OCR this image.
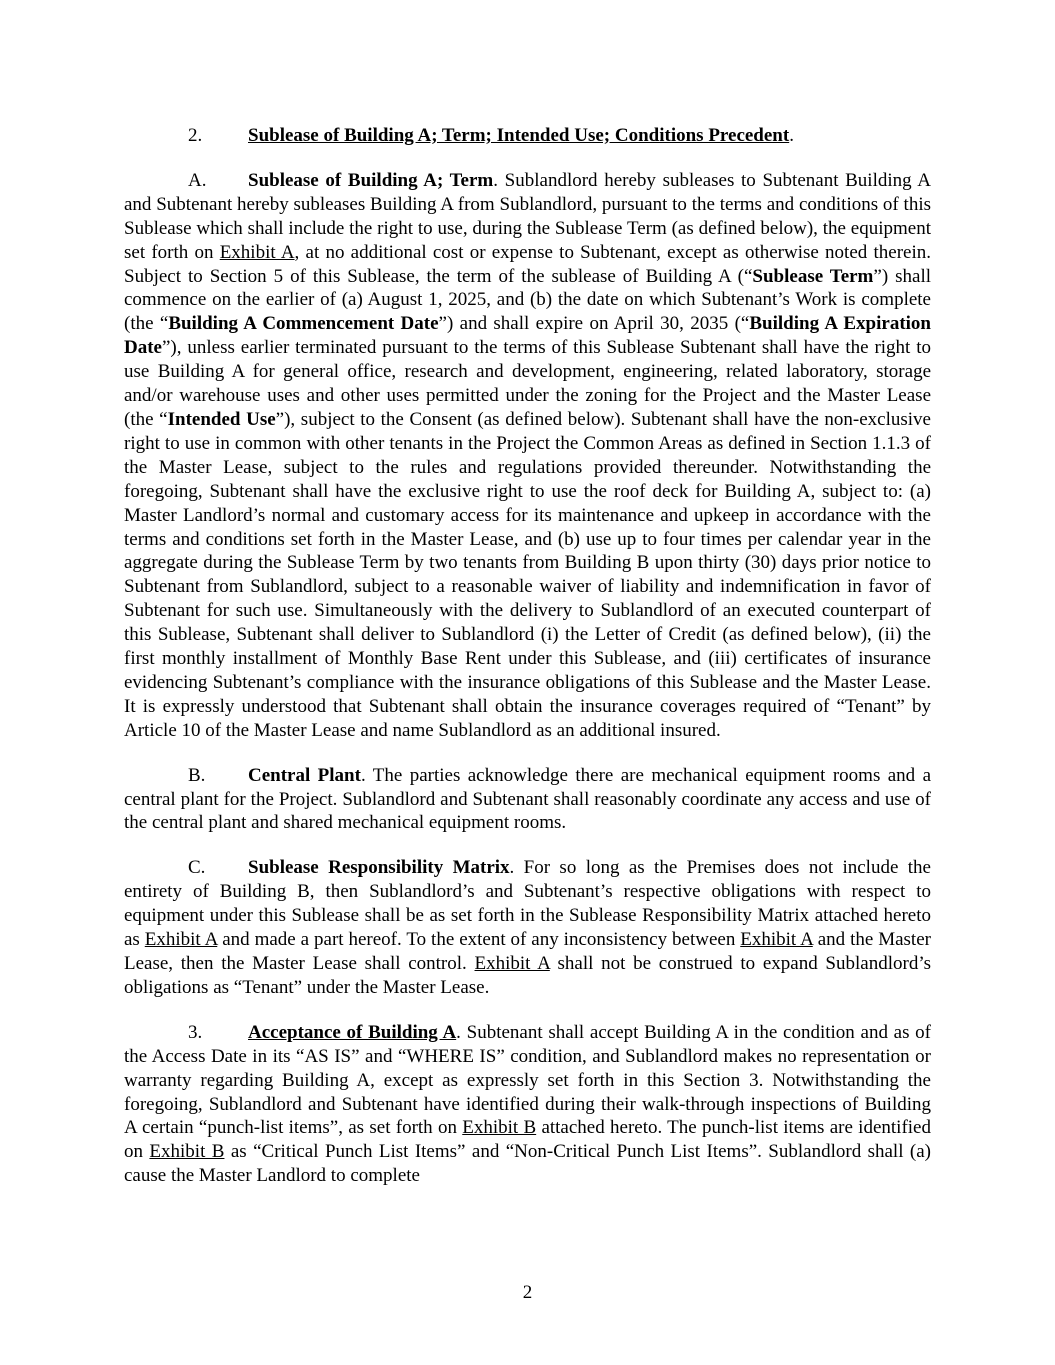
2. Sublease of Building A; Term; Intended Use; Conditions Precedent.

A. Sublease of Building A; Term. Sublandlord hereby subleases to Subtenant Building A and Subtenant hereby subleases Building A from Sublandlord, pursuant to the terms and conditions of this Sublease which shall include the right to use, during the Sublease Term (as defined below), the equipment set forth on Exhibit A, at no additional cost or expense to Subtenant, except as otherwise noted therein. Subject to Section 5 of this Sublease, the term of the sublease of Building A (“Sublease Term”) shall commence on the earlier of (a) August 1, 2025, and (b) the date on which Subtenant’s Work is complete (the “Building A Commencement Date”) and shall expire on April 30, 2035 (“Building A Expiration Date”), unless earlier terminated pursuant to the terms of this Sublease Subtenant shall have the right to use Building A for general office, research and development, engineering, related laboratory, storage and/or warehouse uses and other uses permitted under the zoning for the Project and the Master Lease (the “Intended Use”), subject to the Consent (as defined below). Subtenant shall have the non-exclusive right to use in common with other tenants in the Project the Common Areas as defined in Section 1.1.3 of the Master Lease, subject to the rules and regulations provided thereunder. Notwithstanding the foregoing, Subtenant shall have the exclusive right to use the roof deck for Building A, subject to: (a) Master Landlord’s normal and customary access for its maintenance and upkeep in accordance with the terms and conditions set forth in the Master Lease, and (b) use up to four times per calendar year in the aggregate during the Sublease Term by two tenants from Building B upon thirty (30) days prior notice to Subtenant from Sublandlord, subject to a reasonable waiver of liability and indemnification in favor of Subtenant for such use. Simultaneously with the delivery to Sublandlord of an executed counterpart of this Sublease, Subtenant shall deliver to Sublandlord (i) the Letter of Credit (as defined below), (ii) the first monthly installment of Monthly Base Rent under this Sublease, and (iii) certificates of insurance evidencing Subtenant’s compliance with the insurance obligations of this Sublease and the Master Lease. It is expressly understood that Subtenant shall obtain the insurance coverages required of “Tenant” by Article 10 of the Master Lease and name Sublandlord as an additional insured.

B. Central Plant. The parties acknowledge there are mechanical equipment rooms and a central plant for the Project. Sublandlord and Subtenant shall reasonably coordinate any access and use of the central plant and shared mechanical equipment rooms.

C. Sublease Responsibility Matrix. For so long as the Premises does not include the entirety of Building B, then Sublandlord’s and Subtenant’s respective obligations with respect to equipment under this Sublease shall be as set forth in the Sublease Responsibility Matrix attached hereto as Exhibit A and made a part hereof. To the extent of any inconsistency between Exhibit A and the Master Lease, then the Master Lease shall control. Exhibit A shall not be construed to expand Sublandlord’s obligations as “Tenant” under the Master Lease.

3. Acceptance of Building A. Subtenant shall accept Building A in the condition and as of the Access Date in its “AS IS” and “WHERE IS” condition, and Sublandlord makes no representation or warranty regarding Building A, except as expressly set forth in this Section 3. Notwithstanding the foregoing, Sublandlord and Subtenant have identified during their walk-through inspections of Building A certain “punch-list items”, as set forth on Exhibit B attached hereto. The punch-list items are identified on Exhibit B as “Critical Punch List Items” and “Non-Critical Punch List Items”. Sublandlord shall (a) cause the Master Landlord to complete

2
